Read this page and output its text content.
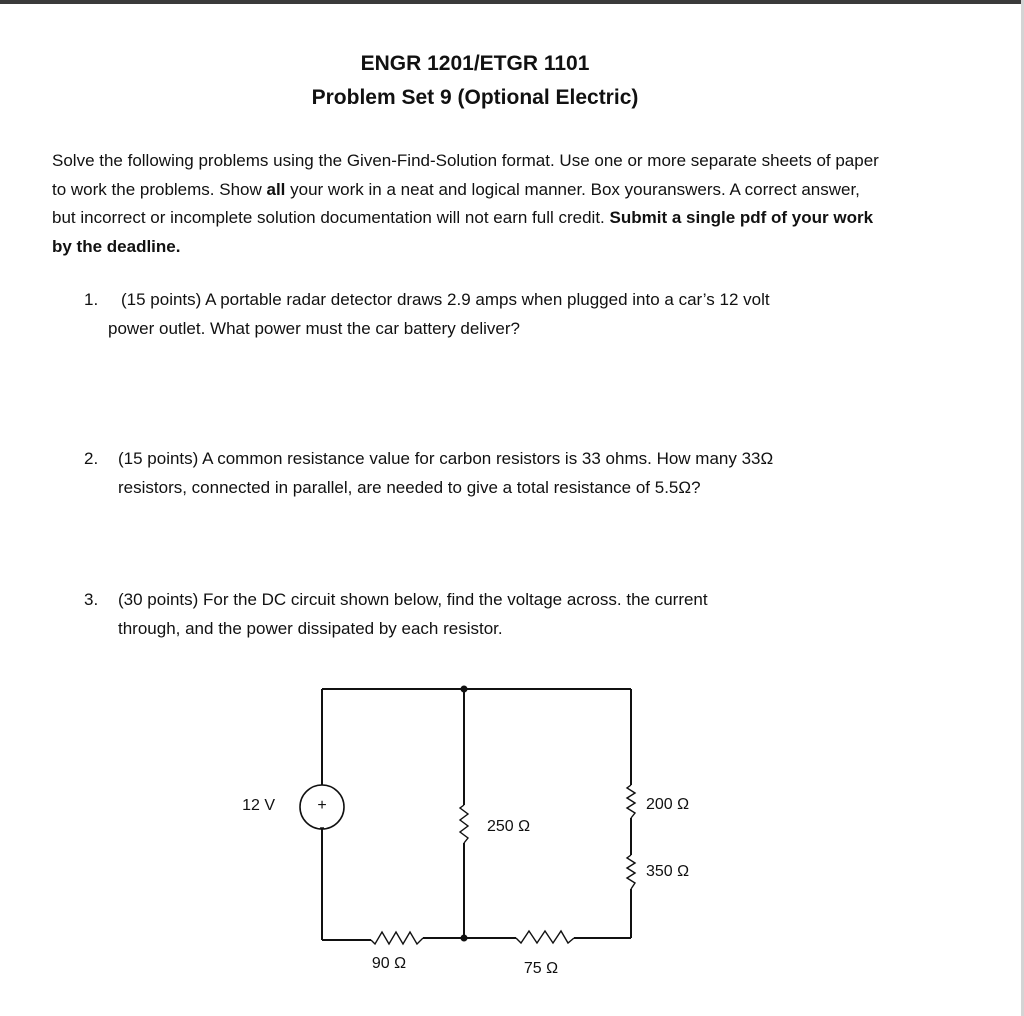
ENGR 1201/ETGR 1101
Problem Set 9 (Optional Electric)
Solve the following problems using the Given-Find-Solution format. Use one or more separate sheets of paper to work the problems. Show all your work in a neat and logical manner. Box youranswers. A correct answer, but incorrect or incomplete solution documentation will not earn full credit. Submit a single pdf of your work by the deadline.
1. (15 points) A portable radar detector draws 2.9 amps when plugged into a car’s 12 volt
power outlet. What power must the car battery deliver?
2. (15 points) A common resistance value for carbon resistors is 33 ohms. How many 33Ω
resistors, connected in parallel, are needed to give a total resistance of 5.5Ω?
3. (30 points) For the DC circuit shown below, find the voltage across. the current
through, and the power dissipated by each resistor.
+
-
12 V
250 Ω
200 Ω
350 Ω
90 Ω	75 Ω
